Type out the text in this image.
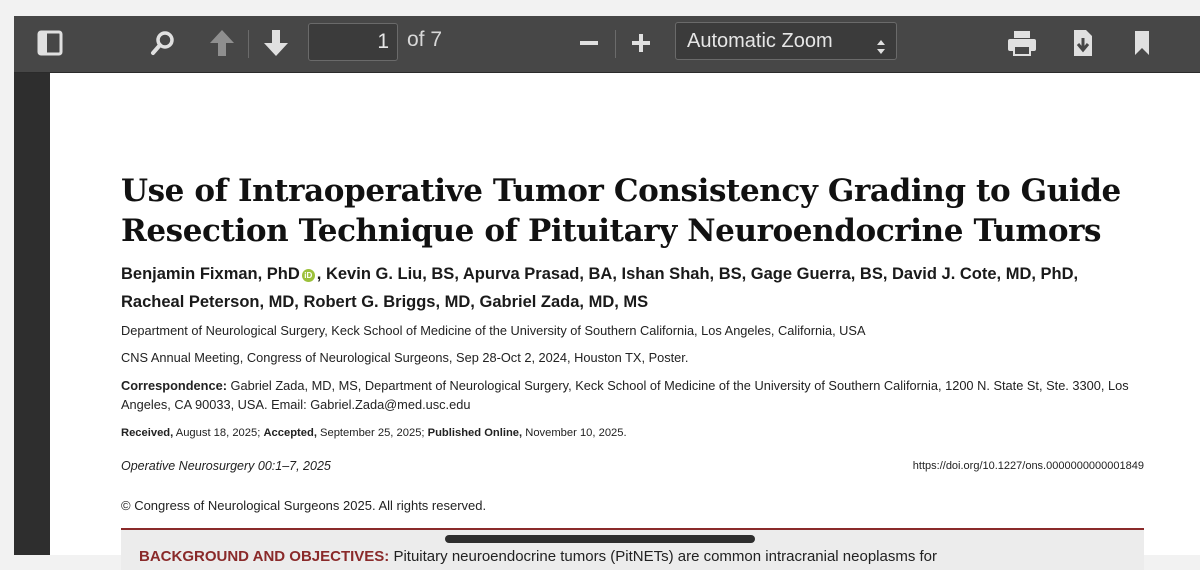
1 of 7	Automatic Zoom
Use of Intraoperative Tumor Consistency Grading to Guide Resection Technique of Pituitary Neuroendocrine Tumors
Benjamin Fixman, PhD iD , Kevin G. Liu, BS, Apurva Prasad, BA, Ishan Shah, BS, Gage Guerra, BS, David J. Cote, MD, PhD,
Racheal Peterson, MD, Robert G. Briggs, MD, Gabriel Zada, MD, MS
Department of Neurological Surgery, Keck School of Medicine of the University of Southern California, Los Angeles, California, USA
CNS Annual Meeting, Congress of Neurological Surgeons, Sep 28-Oct 2, 2024, Houston TX, Poster.
Correspondence: Gabriel Zada, MD, MS, Department of Neurological Surgery, Keck School of Medicine of the University of Southern California, 1200 N. State St, Ste. 3300, Los Angeles, CA 90033, USA. Email: Gabriel.Zada@med.usc.edu
Received, August 18, 2025; Accepted, September 25, 2025; Published Online, November 10, 2025.
Operative Neurosurgery 00:1–7, 2025	https://doi.org/10.1227/ons.0000000000001849
© Congress of Neurological Surgeons 2025. All rights reserved.
BACKGROUND AND OBJECTIVES: Pituitary neuroendocrine tumors (PitNETs) are common intracranial neoplasms for
